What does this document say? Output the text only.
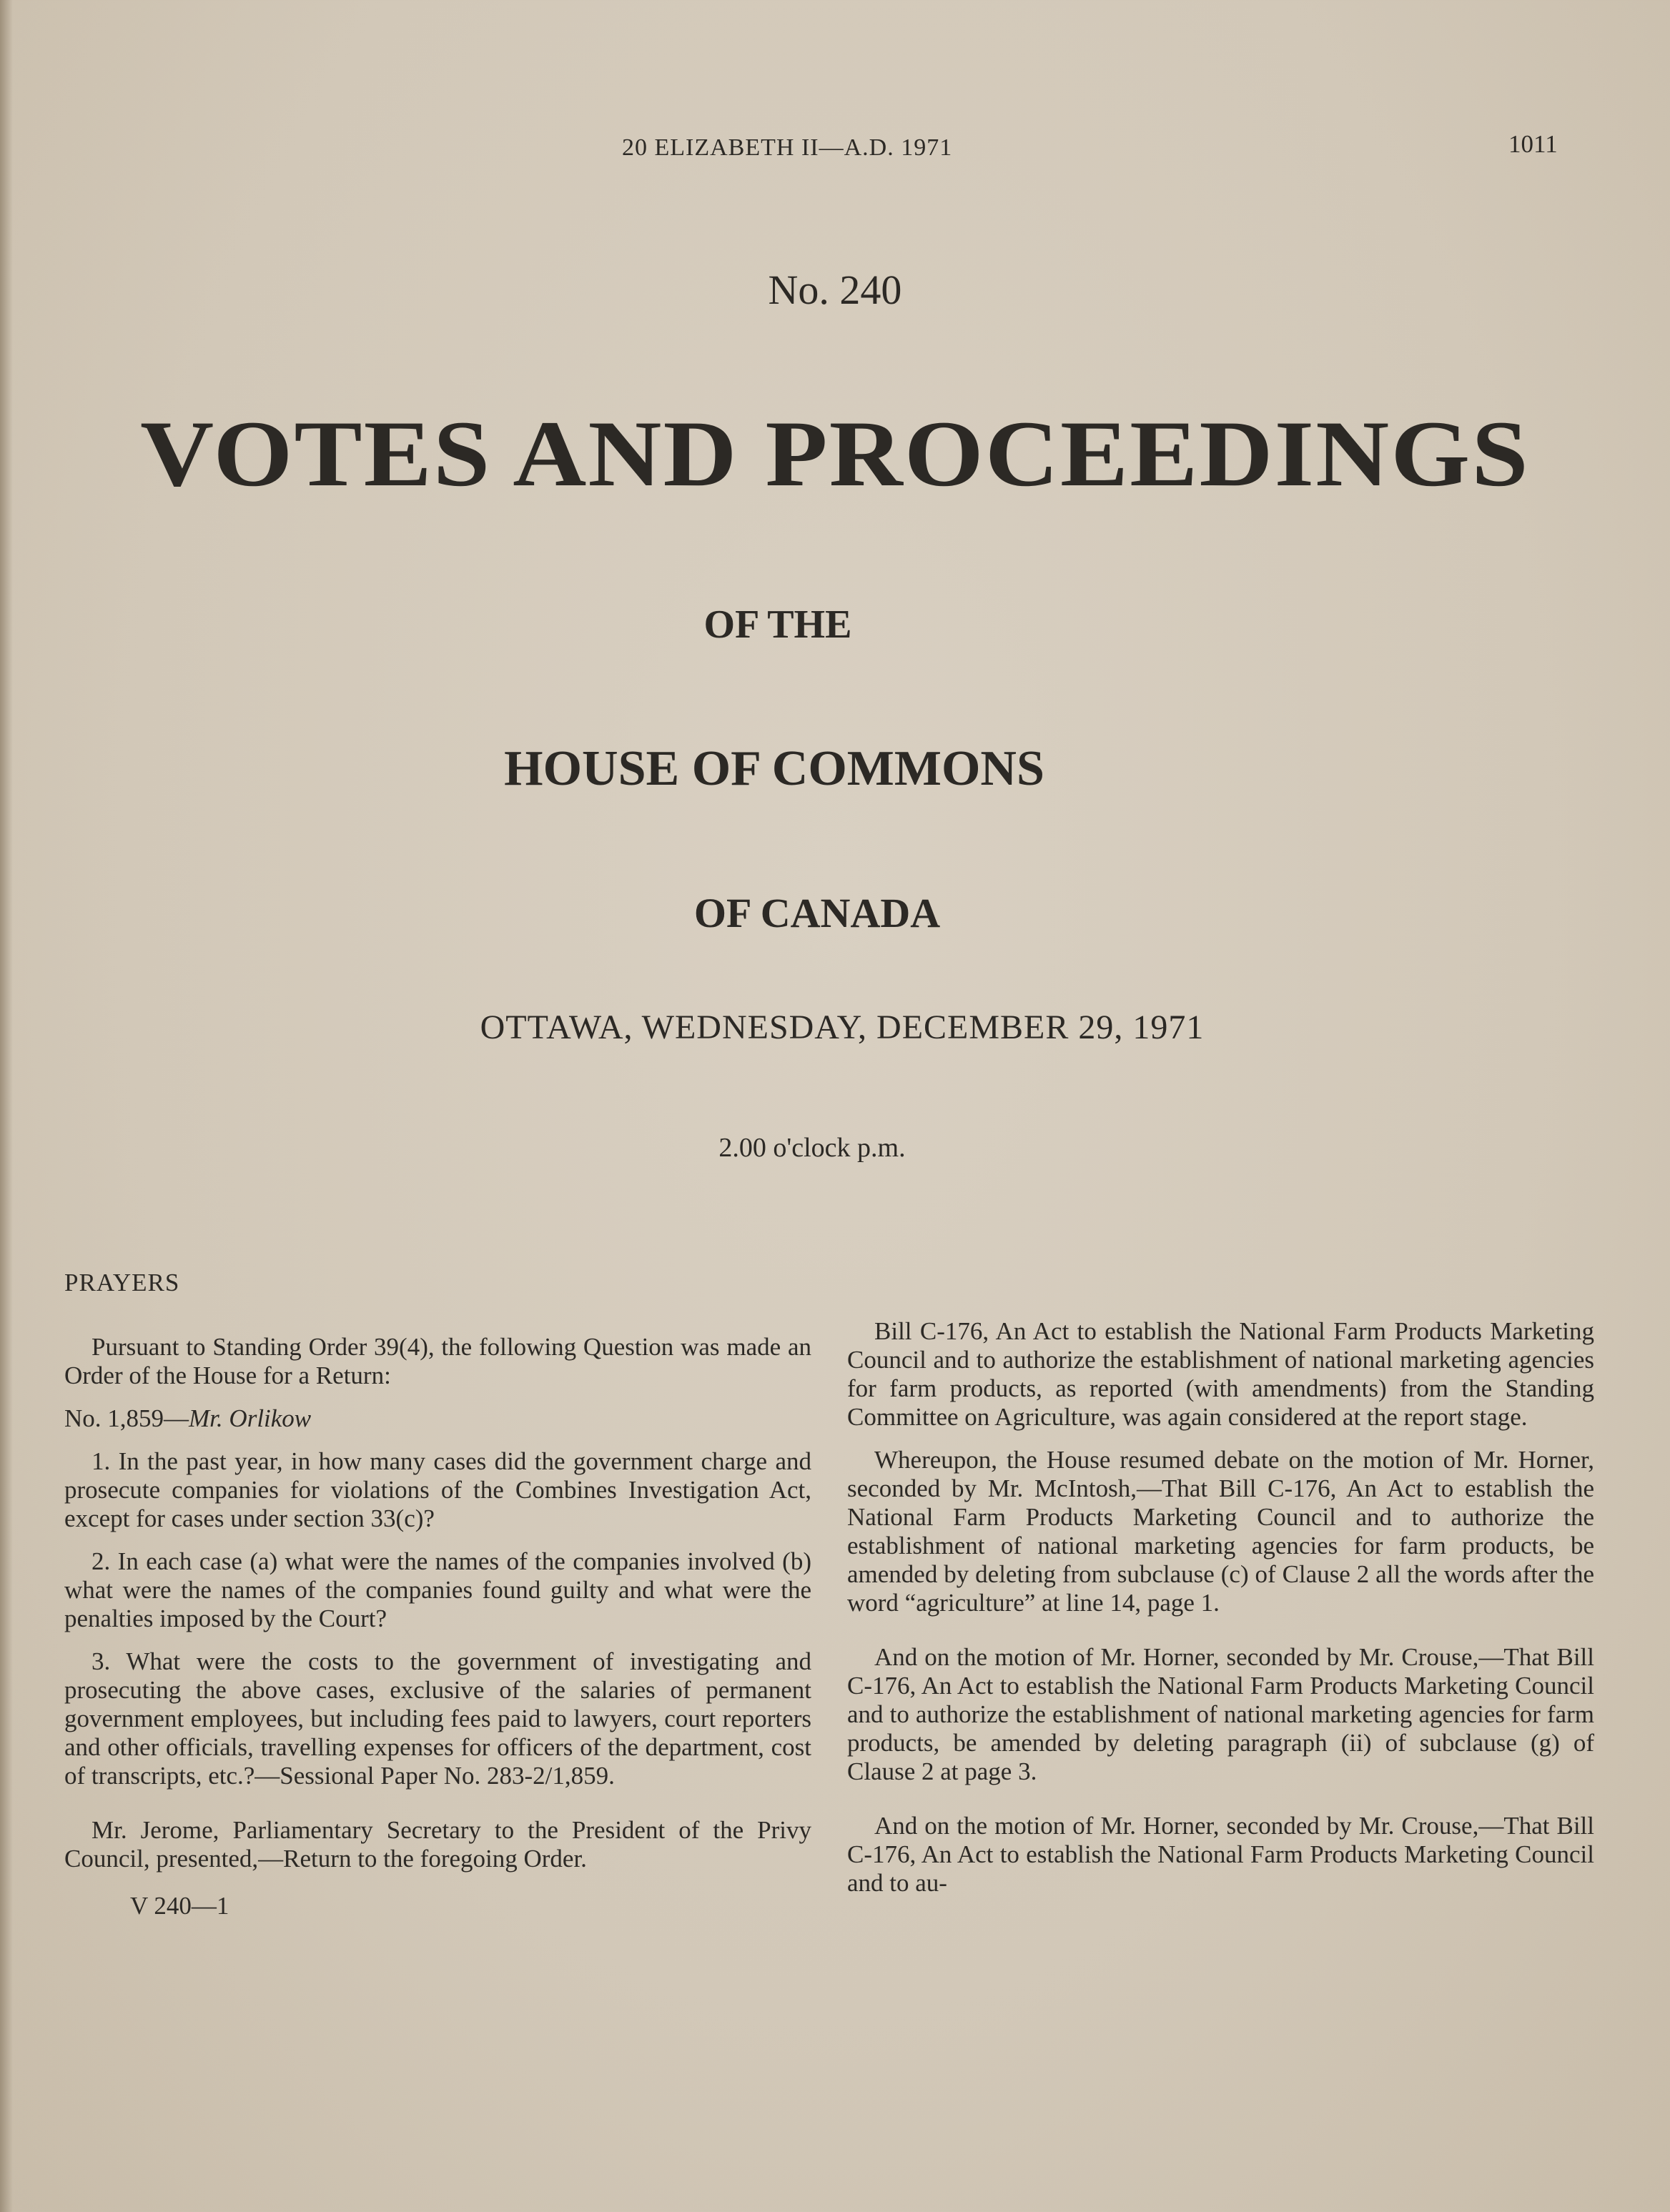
20 ELIZABETH II—A.D. 1971	1011
No. 240
VOTES AND PROCEEDINGS
OF THE
HOUSE OF COMMONS
OF CANADA
OTTAWA, WEDNESDAY, DECEMBER 29, 1971
2.00 o'clock p.m.
PRAYERS

Pursuant to Standing Order 39(4), the following Question was made an Order of the House for a Return:

No. 1,859—Mr. Orlikow

1. In the past year, in how many cases did the government charge and prosecute companies for violations of the Combines Investigation Act, except for cases under section 33(c)?

2. In each case (a) what were the names of the companies involved (b) what were the names of the companies found guilty and what were the penalties imposed by the Court?

3. What were the costs to the government of investigating and prosecuting the above cases, exclusive of the salaries of permanent government employees, but including fees paid to lawyers, court reporters and other officials, travelling expenses for officers of the department, cost of transcripts, etc.?—Sessional Paper No. 283-2/1,859.

Mr. Jerome, Parliamentary Secretary to the President of the Privy Council, presented,—Return to the foregoing Order.

V 240—1

Bill C-176, An Act to establish the National Farm Products Marketing Council and to authorize the establishment of national marketing agencies for farm products, as reported (with amendments) from the Standing Committee on Agriculture, was again considered at the report stage.

Whereupon, the House resumed debate on the motion of Mr. Horner, seconded by Mr. McIntosh,—That Bill C-176, An Act to establish the National Farm Products Marketing Council and to authorize the establishment of national marketing agencies for farm products, be amended by deleting from subclause (c) of Clause 2 all the words after the word “agriculture” at line 14, page 1.

And on the motion of Mr. Horner, seconded by Mr. Crouse,—That Bill C-176, An Act to establish the National Farm Products Marketing Council and to authorize the establishment of national marketing agencies for farm products, be amended by deleting paragraph (ii) of subclause (g) of Clause 2 at page 3.

And on the motion of Mr. Horner, seconded by Mr. Crouse,—That Bill C-176, An Act to establish the National Farm Products Marketing Council and to au-
